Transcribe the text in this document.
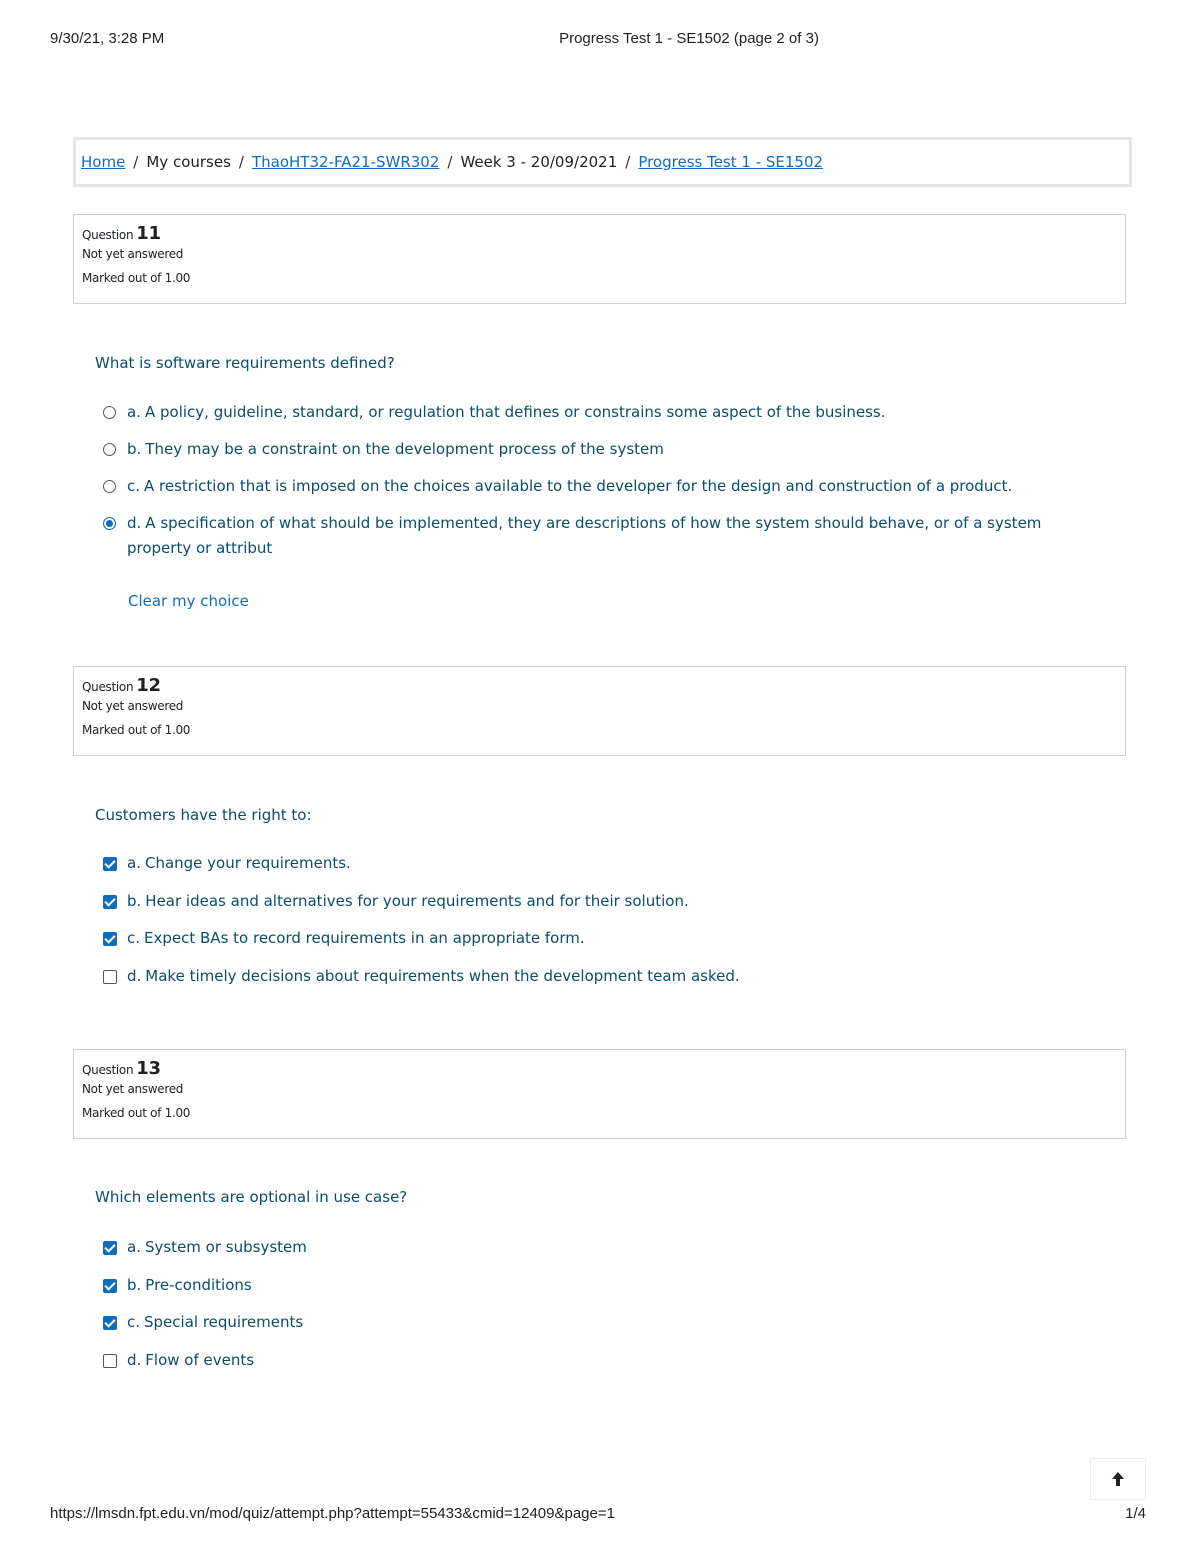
9/30/21, 3:28 PM	Progress Test 1 - SE1502 (page 2 of 3)
Home / My courses / ThaoHT32-FA21-SWR302 / Week 3 - 20/09/2021 / Progress Test 1 - SE1502
Question 11
Not yet answered
Marked out of 1.00
What is software requirements defined?
a. A policy, guideline, standard, or regulation that defines or constrains some aspect of the business.
b. They may be a constraint on the development process of the system
c. A restriction that is imposed on the choices available to the developer for the design and construction of a product.
d. A specification of what should be implemented, they are descriptions of how the system should behave, or of a system property or attribut
Clear my choice
Question 12
Not yet answered
Marked out of 1.00
Customers have the right to:
a. Change your requirements.
b. Hear ideas and alternatives for your requirements and for their solution.
c. Expect BAs to record requirements in an appropriate form.
d. Make timely decisions about requirements when the development team asked.
Question 13
Not yet answered
Marked out of 1.00
Which elements are optional in use case?
a. System or subsystem
b. Pre-conditions
c. Special requirements
d. Flow of events
https://lmsdn.fpt.edu.vn/mod/quiz/attempt.php?attempt=55433&cmid=12409&page=1	1/4
